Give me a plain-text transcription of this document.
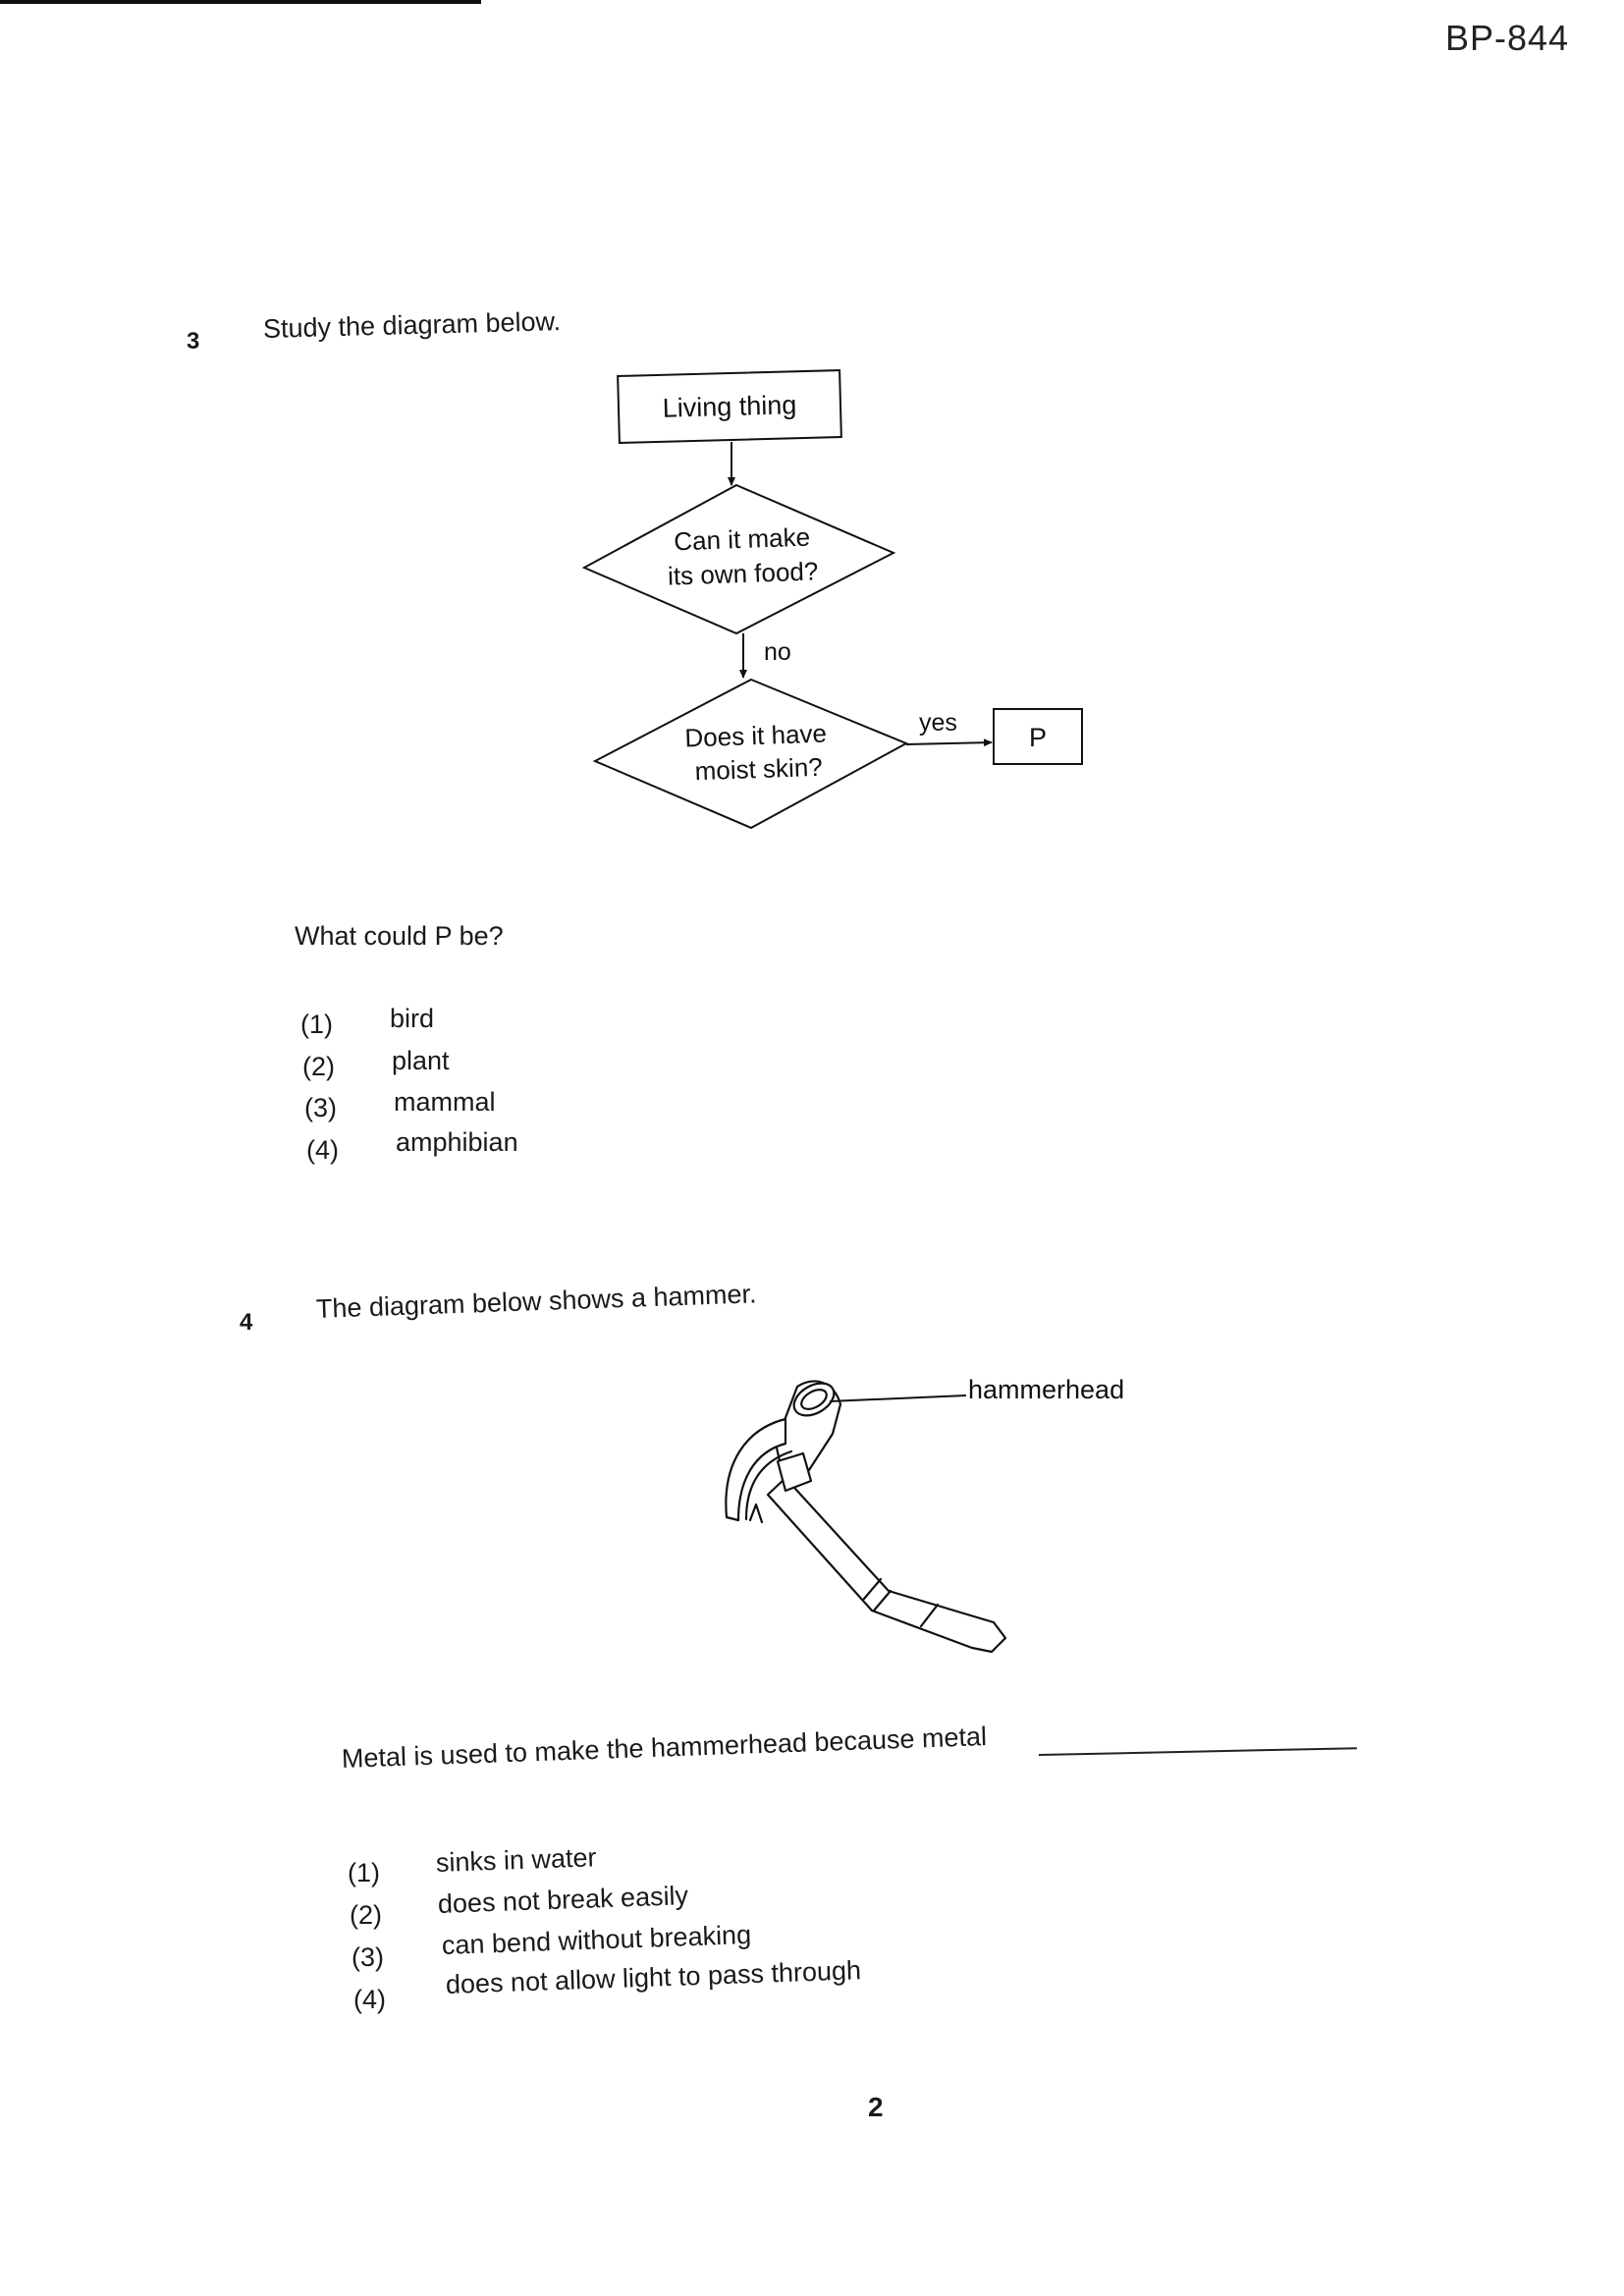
BP-844
3 Study the diagram below.
Living thing
Can it make
its own food?
no
Does it have
moist skin?
yes	P
What could P be?
(1) bird
(2) plant
(3) mammal
(4) amphibian
4 The diagram below shows a hammer.
hammerhead
Metal is used to make the hammerhead because metal
(1) sinks in water
(2) does not break easily
(3) can bend without breaking
(4)
does not allow light to pass through
2
